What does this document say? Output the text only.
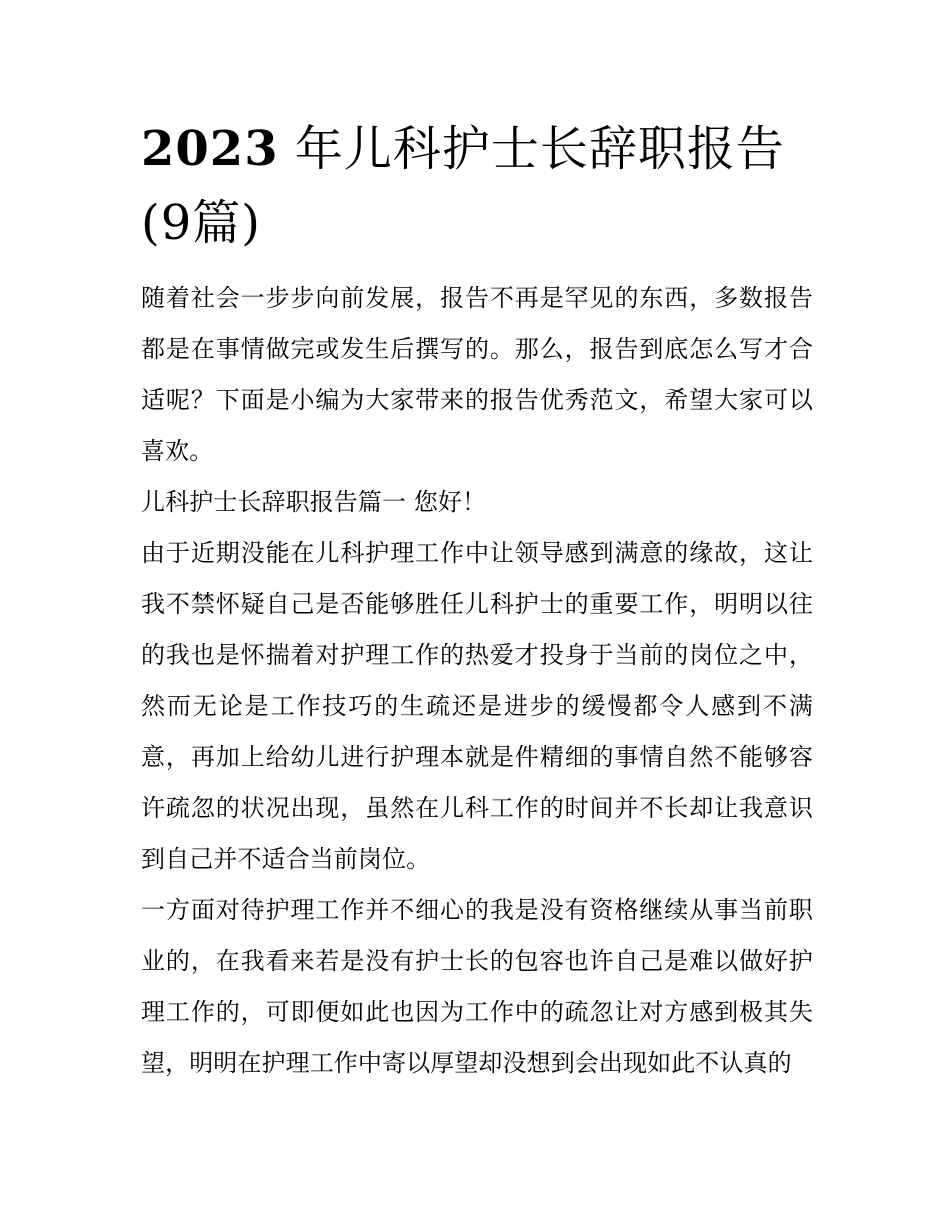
2023 年儿科护士长辞职报告(9篇)

随着社会一步步向前发展，报告不再是罕见的东西，多数报告都是在事情做完或发生后撰写的。那么，报告到底怎么写才合适呢？下面是小编为大家带来的报告优秀范文，希望大家可以喜欢。

儿科护士长辞职报告篇一 您好！

由于近期没能在儿科护理工作中让领导感到满意的缘故，这让我不禁怀疑自己是否能够胜任儿科护士的重要工作，明明以往的我也是怀揣着对护理工作的热爱才投身于当前的岗位之中，然而无论是工作技巧的生疏还是进步的缓慢都令人感到不满意，再加上给幼儿进行护理本就是件精细的事情自然不能够容许疏忽的状况出现，虽然在儿科工作的时间并不长却让我意识到自己并不适合当前岗位。

一方面对待护理工作并不细心的我是没有资格继续从事当前职业的，在我看来若是没有护士长的包容也许自己是难以做好护理工作的，可即便如此也因为工作中的疏忽让对方感到极其失望，明明在护理工作中寄以厚望却没想到会出现如此不认真的
